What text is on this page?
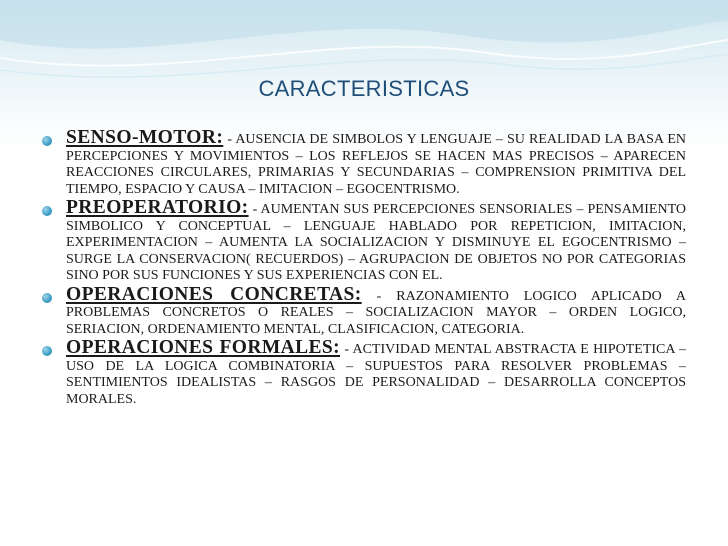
CARACTERISTICAS
SENSO-MOTOR: - AUSENCIA DE SIMBOLOS Y LENGUAJE – SU REALIDAD LA BASA EN PERCEPCIONES Y MOVIMIENTOS – LOS REFLEJOS SE HACEN MAS PRECISOS – APARECEN REACCIONES CIRCULARES, PRIMARIAS Y SECUNDARIAS – COMPRENSION PRIMITIVA DEL TIEMPO, ESPACIO Y CAUSA – IMITACION – EGOCENTRISMO.
PREOPERATORIO: - AUMENTAN SUS PERCEPCIONES SENSORIALES – PENSAMIENTO SIMBOLICO Y CONCEPTUAL – LENGUAJE HABLADO POR REPETICION, IMITACION, EXPERIMENTACION – AUMENTA LA SOCIALIZACION Y DISMINUYE EL EGOCENTRISMO – SURGE LA CONSERVACION( RECUERDOS) – AGRUPACION DE OBJETOS NO POR CATEGORIAS SINO POR SUS FUNCIONES Y SUS EXPERIENCIAS CON EL.
OPERACIONES CONCRETAS: - RAZONAMIENTO LOGICO APLICADO A PROBLEMAS CONCRETOS O REALES – SOCIALIZACION MAYOR – ORDEN LOGICO, SERIACION, ORDENAMIENTO MENTAL, CLASIFICACION, CATEGORIA.
OPERACIONES FORMALES: - ACTIVIDAD MENTAL ABSTRACTA E HIPOTETICA – USO DE LA LOGICA COMBINATORIA – SUPUESTOS PARA RESOLVER PROBLEMAS – SENTIMIENTOS IDEALISTAS – RASGOS DE PERSONALIDAD – DESARROLLA CONCEPTOS MORALES.
